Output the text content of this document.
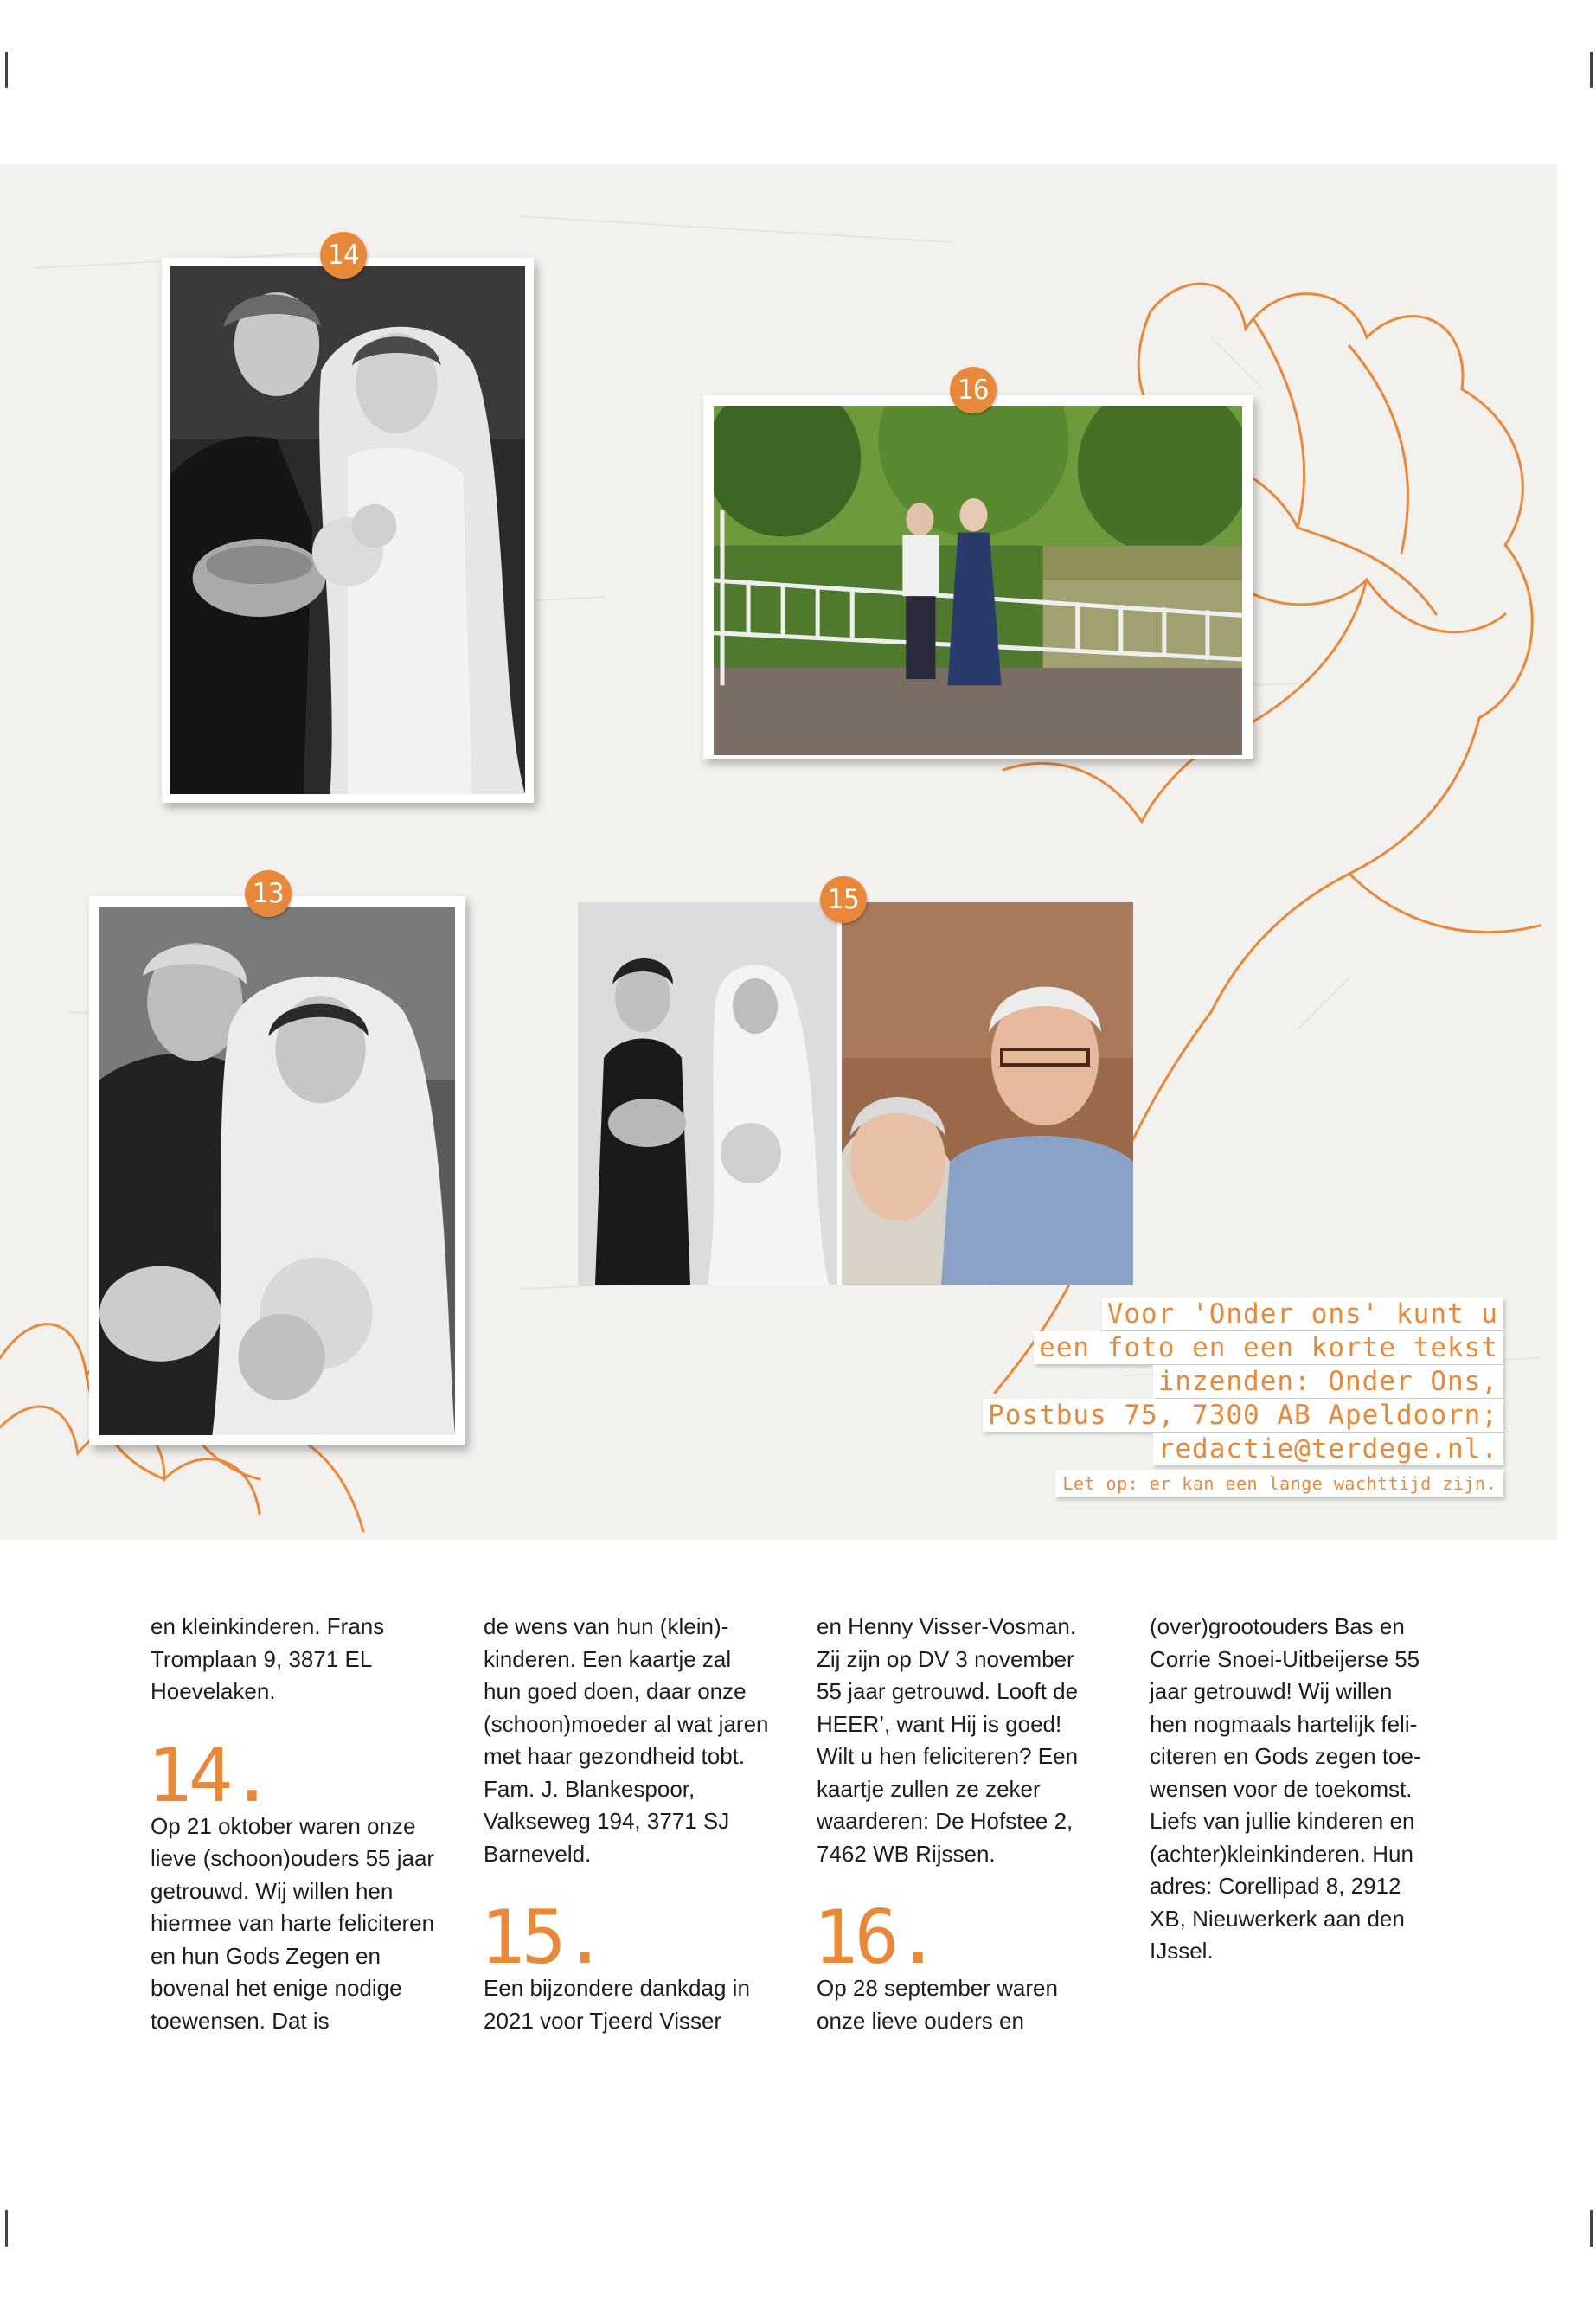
14
16
13	15
Voor 'Onder ons' kunt u
een foto en een korte tekst
inzenden: Onder Ons,
Postbus 75, 7300 AB Apeldoorn;
redactie@terdege.nl.
Let op: er kan een lange wachttijd zijn.

en kleinkinderen. Frans Tromplaan 9, 3871 EL Hoevelaken.

14.

Op 21 oktober waren onze lieve (schoon)ouders 55 jaar getrouwd. Wij willen hen hiermee van harte feliciteren en hun Gods Zegen en bovenal het enige nodige toewensen. Dat is

de wens van hun (klein)-kinderen. Een kaartje zal hun goed doen, daar onze (schoon)moeder al wat jaren met haar gezondheid tobt. Fam. J. Blankespoor, Valkseweg 194, 3771 SJ Barneveld.

15.

Een bijzondere dankdag in 2021 voor Tjeerd Visser

en Henny Visser-Vosman. Zij zijn op DV 3 november 55 jaar getrouwd. Looft de HEER’, want Hij is goed! Wilt u hen feliciteren? Een kaartje zullen ze zeker waarderen: De Hofstee 2, 7462 WB Rijssen.

16.

Op 28 september waren onze lieve ouders en

(over)grootouders Bas en Corrie Snoei-Uitbeijerse 55 jaar getrouwd! Wij willen hen nogmaals hartelijk feliciteren en Gods zegen toewensen voor de toekomst. Liefs van jullie kinderen en (achter)kleinkinderen. Hun adres: Corellipad 8, 2912 XB, Nieuwerkerk aan den IJssel.
